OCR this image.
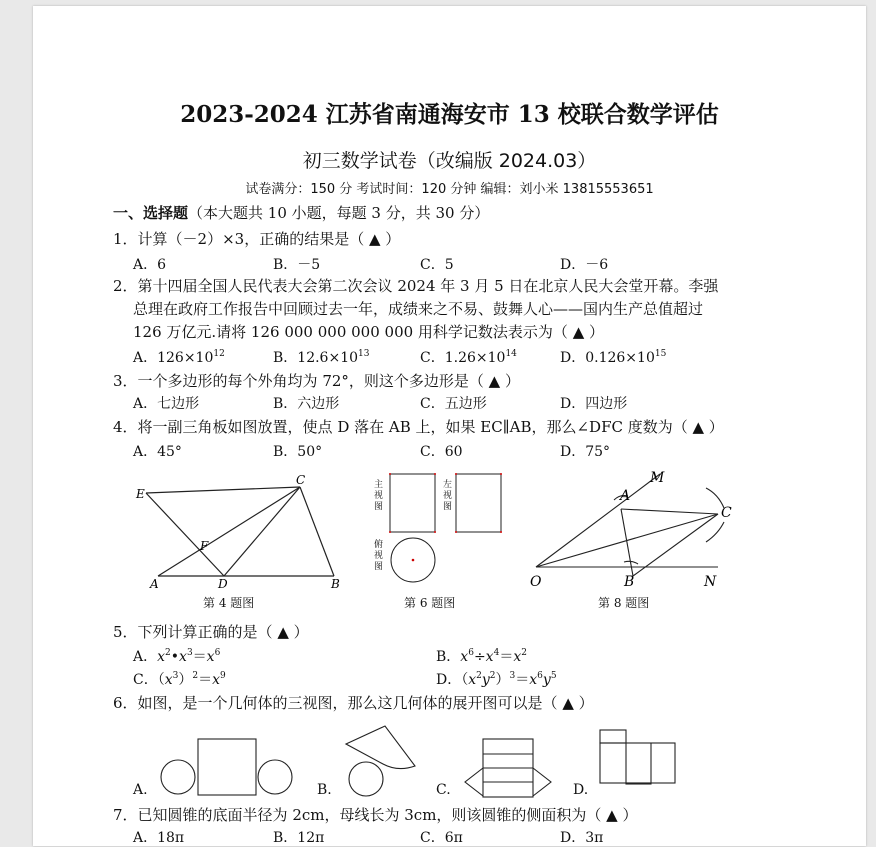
2023-2024 江苏省南通海安市 13 校联合数学评估
初三数学试卷（改编版 2024.03）
试卷满分：150 分 考试时间：120 分钟 编辑：刘小米 13815553651
一、选择题（本大题共 10 小题，每题 3 分，共 30 分）
1．计算（－2）×3，正确的结果是（ ▲ ）
A．6	B．－5	C．5	D．－6
2．第十四届全国人民代表大会第二次会议 2024 年 3 月 5 日在北京人民大会堂开幕。李强
总理在政府工作报告中回顾过去一年，成绩来之不易、鼓舞人心——国内生产总值超过
126 万亿元.请将 126 000 000 000 000 用科学记数法表示为（ ▲ ）
A．$126\times 10^{12}$	B．$12.6\times 10^{13}$	C．$1.26\times 10^{14}$	D．$0.126\times 10^{15}$
3．一个多边形的每个外角均为 72°，则这个多边形是（ ▲ ）
A．七边形	B．六边形	C．五边形	D．四边形
4．将一副三角板如图放置，使点 D 落在 AB 上，如果 EC∥AB，那么∠DFC 度数为（ ▲ ）
A．45°	B．50°	C．60	D．75°
E
C
F
A	D	B
第 4 题图
主视图
左视图
俯视图
第 6 题图
M
A
C
O	B	N
第 8 题图
5．下列计算正确的是（ ▲ ）
A．$x^2•x^3=x^6$	B．$x^6\div x^4=x^2$
C．$(x^3)^2=x^9$	D．$(x^2y^2)^3=x^6y^5$
6．如图，是一个几何体的三视图，那么这几何体的展开图可以是（ ▲ ）
A.	B.	C.	D.
7．已知圆锥的底面半径为 2cm，母线长为 3cm，则该圆锥的侧面积为（ ▲ ）
A．18π	B．12π	C．6π	D．3π
